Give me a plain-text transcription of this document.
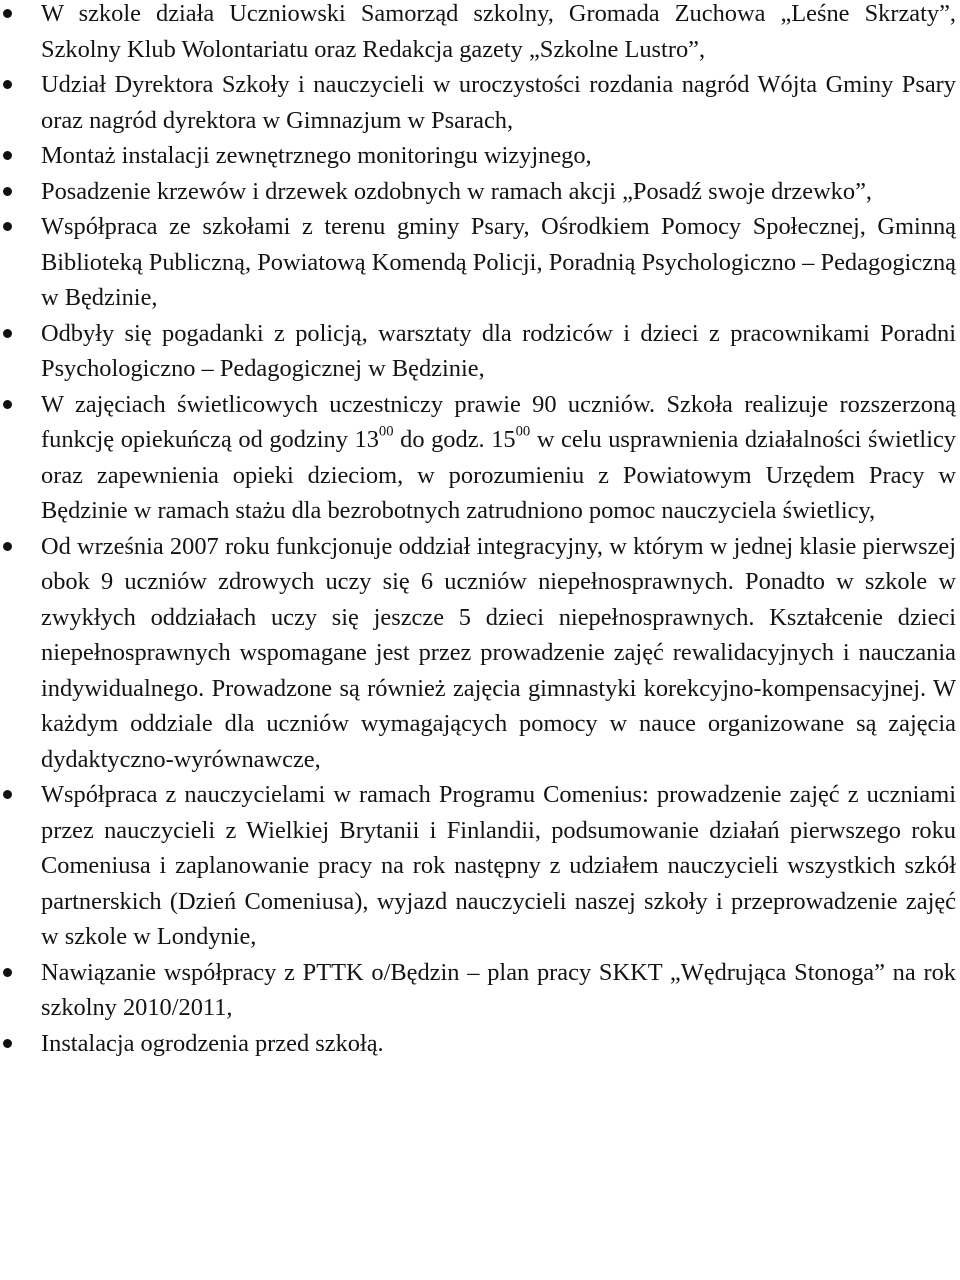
W szkole działa Uczniowski Samorząd szkolny, Gromada Zuchowa „Leśne Skrzaty”, Szkolny Klub Wolontariatu oraz Redakcja gazety „Szkolne Lustro”,
Udział Dyrektora Szkoły i nauczycieli w uroczystości rozdania nagród Wójta Gminy Psary oraz nagród dyrektora w Gimnazjum w Psarach,
Montaż instalacji zewnętrznego monitoringu wizyjnego,
Posadzenie krzewów i drzewek ozdobnych w ramach akcji „Posadź swoje drzewko”,
Współpraca ze szkołami z terenu gminy Psary, Ośrodkiem Pomocy Społecznej, Gminną Biblioteką Publiczną, Powiatową Komendą Policji, Poradnią Psychologiczno – Pedagogiczną w Będzinie,
Odbyły się pogadanki z policją, warsztaty dla rodziców i dzieci z pracownikami Poradni Psychologiczno – Pedagogicznej w Będzinie,
W zajęciach świetlicowych uczestniczy prawie 90 uczniów. Szkoła realizuje rozszerzoną funkcję opiekuńczą od godziny $13^{00}$ do godz. $15^{00}$ w celu usprawnienia działalności świetlicy oraz zapewnienia opieki dzieciom, w porozumieniu z Powiatowym Urzędem Pracy w Będzinie w ramach stażu dla bezrobotnych zatrudniono pomoc nauczyciela świetlicy,
Od września 2007 roku funkcjonuje oddział integracyjny, w którym w jednej klasie pierwszej obok 9 uczniów zdrowych uczy się 6 uczniów niepełnosprawnych. Ponadto w szkole w zwykłych oddziałach uczy się jeszcze 5 dzieci niepełnosprawnych. Kształcenie dzieci niepełnosprawnych wspomagane jest przez prowadzenie zajęć rewalidacyjnych i nauczania indywidualnego. Prowadzone są również zajęcia gimnastyki korekcyjno-kompensacyjnej. W każdym oddziale dla uczniów wymagających pomocy w nauce organizowane są zajęcia dydaktyczno-wyrównawcze,
Współpraca z nauczycielami w ramach Programu Comenius: prowadzenie zajęć z uczniami przez nauczycieli z Wielkiej Brytanii i Finlandii, podsumowanie działań pierwszego roku Comeniusa i zaplanowanie pracy na rok następny z udziałem nauczycieli wszystkich szkół partnerskich (Dzień Comeniusa), wyjazd nauczycieli naszej szkoły i przeprowadzenie zajęć w szkole w Londynie,
Nawiązanie współpracy z PTTK o/Będzin – plan pracy SKKT „Wędrująca Stonoga” na rok szkolny 2010/2011,
Instalacja ogrodzenia przed szkołą.
